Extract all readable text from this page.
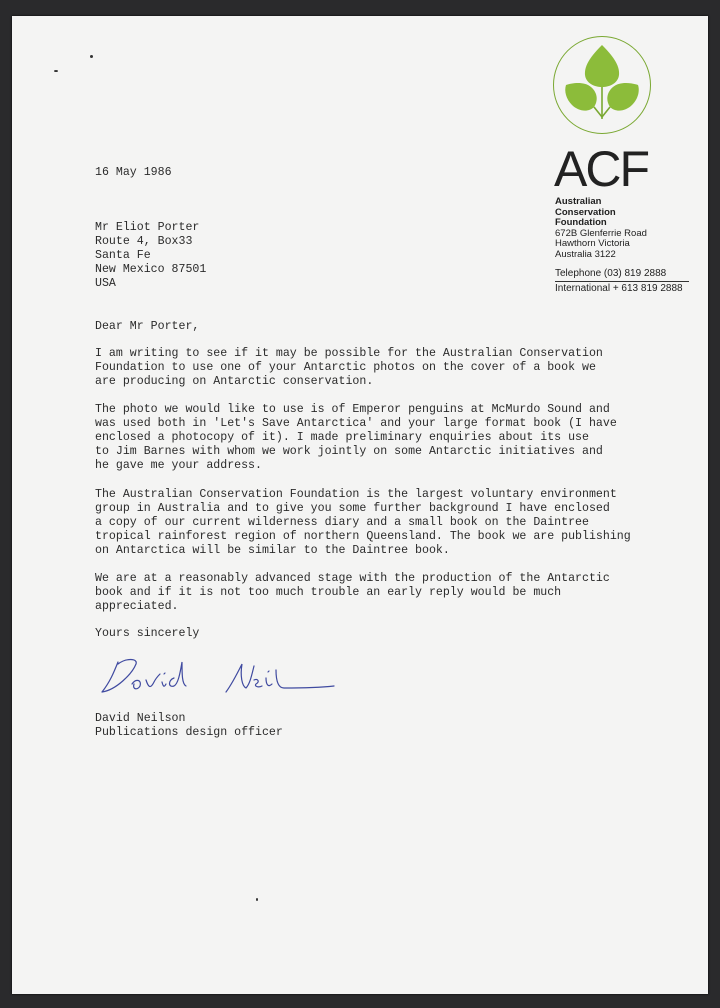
ACF
Australian
Conservation
Foundation
672B Glenferrie Road
Hawthorn Victoria
Australia 3122
Telephone (03) 819 2888
International + 613 819 2888
16 May 1986
Mr Eliot Porter
Route 4, Box33
Santa Fe
New Mexico 87501
USA
Dear Mr Porter,
I am writing to see if it may be possible for the Australian Conservation
Foundation to use one of your Antarctic photos on the cover of a book we
are producing on Antarctic conservation.
The photo we would like to use is of Emperor penguins at McMurdo Sound and
was used both in 'Let's Save Antarctica' and your large format book (I have
enclosed a photocopy of it). I made preliminary enquiries about its use
to Jim Barnes with whom we work jointly on some Antarctic initiatives and
he gave me your address.
The Australian Conservation Foundation is the largest voluntary environment
group in Australia and to give you some further background I have enclosed
a copy of our current wilderness diary and a small book on the Daintree
tropical rainforest region of northern Queensland. The book we are publishing
on Antarctica will be similar to the Daintree book.
We are at a reasonably advanced stage with the production of the Antarctic
book and if it is not too much trouble an early reply would be much
appreciated.
Yours sincerely
David Neilson
Publications design officer
